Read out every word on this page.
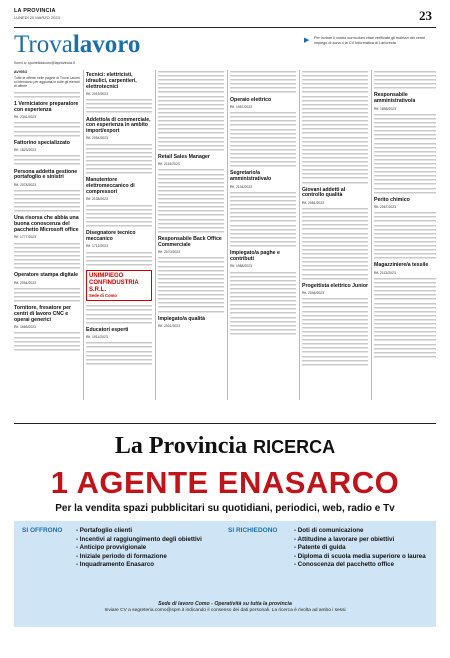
LA PROVINCIA
LUNEDÌ 20 MARZO 2023	23
Trovalavoro
Scrivi a: sportellolavoro@laprovincia.it
▶ Per inviare il vostro curriculum vitae verificate gli indirizzi dei centri impiego di zona o la CV Informativa di Lariorecta

AVVISO

Tutte le offerte nelle pagine di Trova Lavoro si intendono per aggiunta in tutte gli elenchi di offerte

1 Verniciatore preparatore con esperienza

Rif. 2341/2023

Fattorino specializzato

Rif. 1823/2023

Persona addetta gestione portafoglio e sinistri

Rif. 2078/2023

Una risorsa che abbia una buona conoscenza del pacchetto Microsoft office

Rif. 1777/2023

Operatore stampa digitale

Rif. 2094/2023

Tornitore, fresatore per centri di lavoro CNC e operai generici

Rif. 1665/2023

Tecnici: elettricisti, idraulici, carpentieri, elettrotecnici

Rif. 2019/2023

Addetto/a di commerciale, con esperienza in ambito import/export

Rif. 2054/2023

Manutentore elettromeccanico di compressori

Rif. 2138/2023

Disegnatore tecnico meccanico

Rif. 1712/2023

UNIMPIEGO CONFINDUSTRIA S.R.L.
Sede di Como
Educatori esperti

Rif. 1911/2023

Retail Sales Manager

Rif. 2115/2023

Responsabile Back Office Commerciale

Rif. 2070/2023

Impiegato/a qualità

Rif. 2001/2023

Operaio elettrico

Rif. 1957/2023

Segretario/a amministrativa/o

Rif. 2104/2023

Impiegato/a paghe e contributi

Rif. 1988/2023

Giovani addetti al controllo qualità

Rif. 2081/2023

Progettista elettrico Junior

Rif. 2046/2023

Responsabile amministrativo/a

Rif. 1898/2023

Perito chimico

Rif. 2067/2023

Magazziniere/a tessile

Rif. 2113/2023

La Provincia RICERCA
1 AGENTE ENASARCO
Per la vendita spazi pubblicitari su quotidiani, periodici, web, radio e Tv
SI OFFRONO - Portafoglio clienti
- Incentivi al raggiungimento degli obiettivi
- Anticipo provvigionale
- Iniziale periodo di formazione
- Inquadramento Enasarco
SI RICHIEDONO	- Doti di comunicazione
- Attitudine a lavorare per obiettivi
- Patente di guida
- Diploma di scuola media superiore o laurea
- Conoscenza del pacchetto office
Sede di lavoro Como - Operatività su tutta la provincia
Inviare CV a segreteria.como@spm.it indicando il consenso dei dati personali. La ricerca è rivolta ad ambo i sessi
